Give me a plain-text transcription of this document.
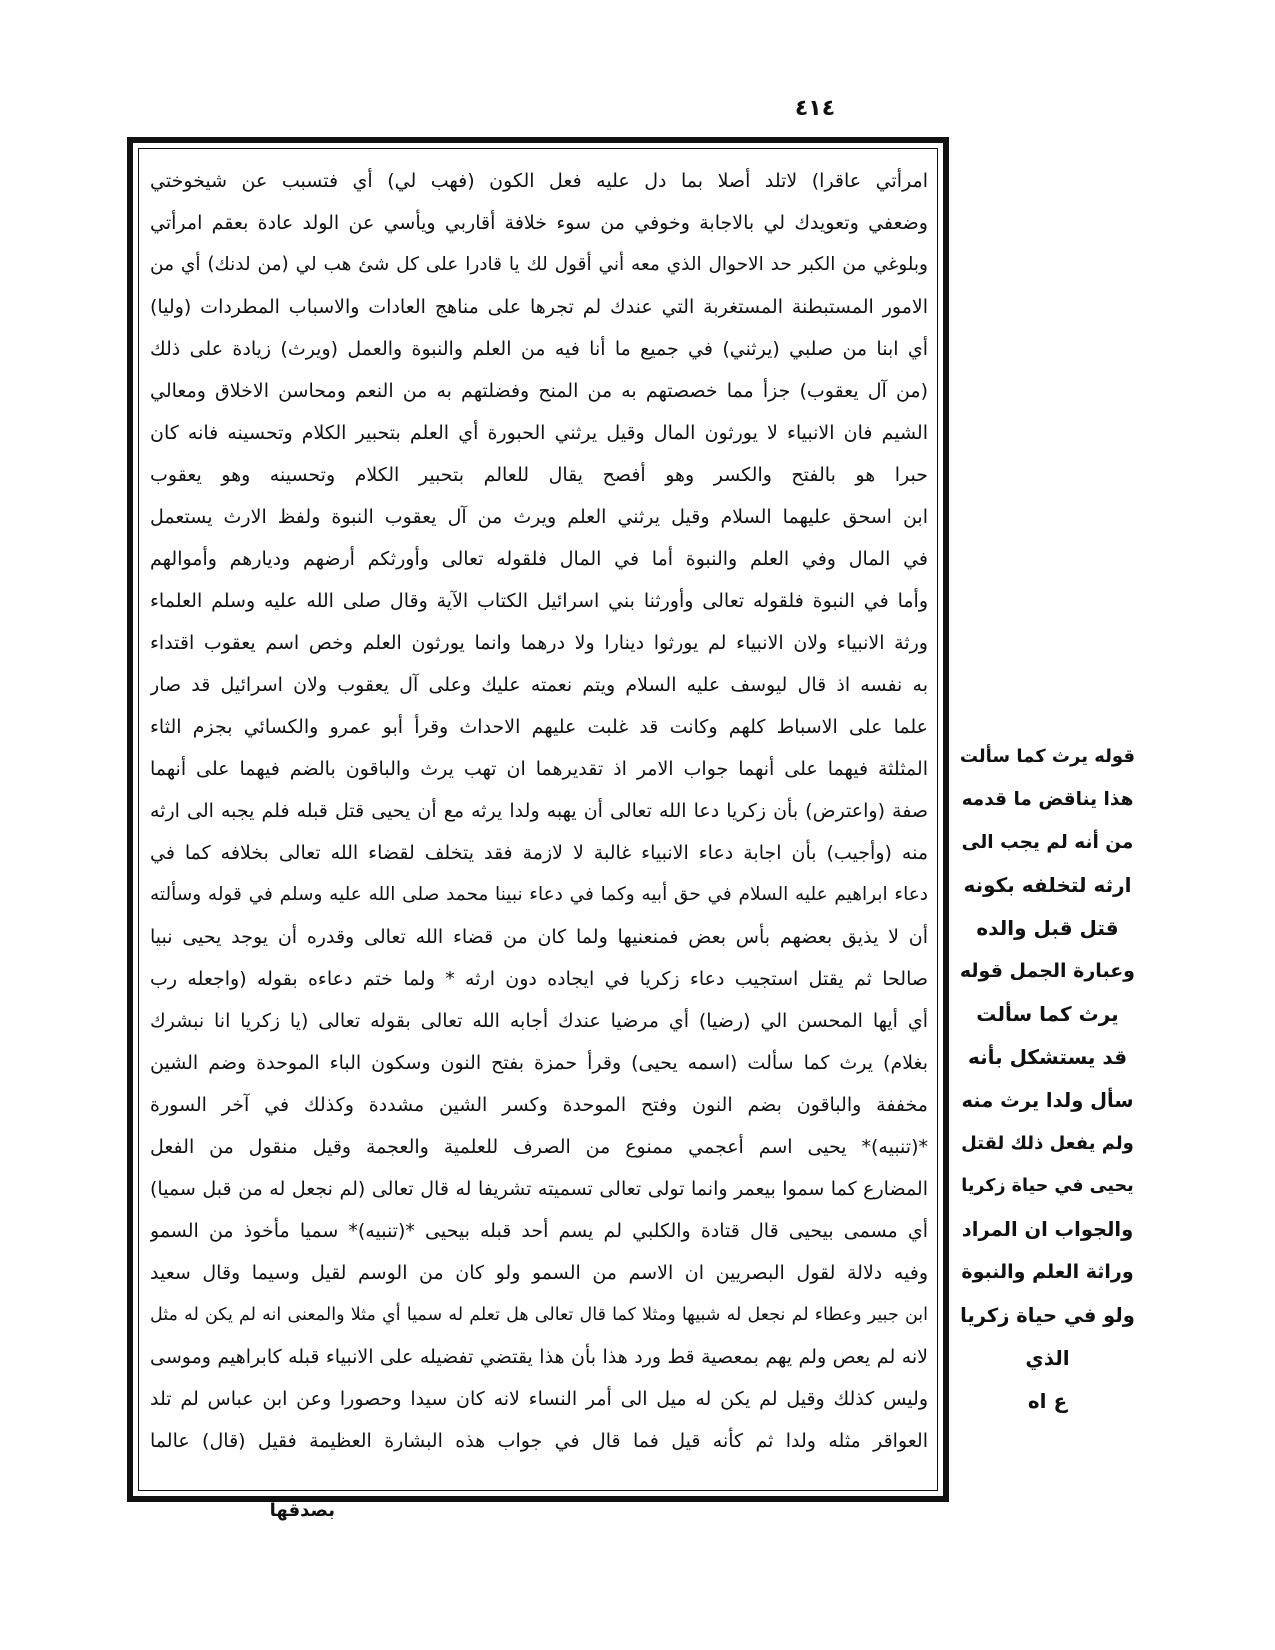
٤١٤
امرأتي عاقرا) لاتلد أصلا بما دل عليه فعل الكون (فهب لي) أي فتسبب عن شيخوختي
وضعفي وتعويدك لي بالاجابة وخوفي من سوء خلافة أقاربي ويأسي عن الولد عادة بعقم امرأتي
وبلوغي من الكبر حد الاحوال الذي معه أني أقول لك يا قادرا على كل شئ هب لي (من لدنك) أي من
الامور المستبطنة المستغربة التي عندك لم تجرها على مناهج العادات والاسباب المطردات (وليا)
أي ابنا من صلبي (يرثني) في جميع ما أنا فيه من العلم والنبوة والعمل (ويرث) زيادة على ذلك
(من آل يعقوب) جزأ مما خصصتهم به من المنح وفضلتهم به من النعم ومحاسن الاخلاق ومعالي
الشيم فان الانبياء لا يورثون المال وقيل يرثني الحبورة أي العلم بتحبير الكلام وتحسينه فانه كان
حبرا هو بالفتح والكسر وهو أفصح يقال للعالم بتحبير الكلام وتحسينه وهو يعقوب
ابن اسحق عليهما السلام وقيل يرثني العلم ويرث من آل يعقوب النبوة ولفظ الارث يستعمل
في المال وفي العلم والنبوة أما في المال فلقوله تعالى وأورثكم أرضهم وديارهم وأموالهم
وأما في النبوة فلقوله تعالى وأورثنا بني اسرائيل الكتاب الآية وقال صلى الله عليه وسلم العلماء
ورثة الانبياء ولان الانبياء لم يورثوا دينارا ولا درهما وانما يورثون العلم وخص اسم يعقوب اقتداء
به نفسه اذ قال ليوسف عليه السلام ويتم نعمته عليك وعلى آل يعقوب ولان اسرائيل قد صار
علما على الاسباط كلهم وكانت قد غلبت عليهم الاحداث وقرأ أبو عمرو والكسائي بجزم الثاء
المثلثة فيهما على أنهما جواب الامر اذ تقديرهما ان تهب يرث والباقون بالضم فيهما على أنهما
صفة (واعترض) بأن زكريا دعا الله تعالى أن يهبه ولدا يرثه مع أن يحيى قتل قبله فلم يجبه الى ارثه
منه (وأجيب) بأن اجابة دعاء الانبياء غالبة لا لازمة فقد يتخلف لقضاء الله تعالى بخلافه كما في
دعاء ابراهيم عليه السلام في حق أبيه وكما في دعاء نبينا محمد صلى الله عليه وسلم في قوله وسألته
أن لا يذيق بعضهم بأس بعض فمنعنيها ولما كان من قضاء الله تعالى وقدره أن يوجد يحيى نبيا
صالحا ثم يقتل استجيب دعاء زكريا في ايجاده دون ارثه * ولما ختم دعاءه بقوله (واجعله رب
أي أيها المحسن الي (رضيا) أي مرضيا عندك أجابه الله تعالى بقوله تعالى (يا زكريا انا نبشرك
بغلام) يرث كما سألت (اسمه يحيى) وقرأ حمزة بفتح النون وسكون الباء الموحدة وضم الشين
مخففة والباقون بضم النون وفتح الموحدة وكسر الشين مشددة وكذلك في آخر السورة
*(تنبيه)* يحيى اسم أعجمي ممنوع من الصرف للعلمية والعجمة وقيل منقول من الفعل
المضارع كما سموا بيعمر وانما تولى تعالى تسميته تشريفا له قال تعالى (لم نجعل له من قبل سميا)
أي مسمى بيحيى قال قتادة والكلبي لم يسم أحد قبله بيحيى *(تنبيه)* سميا مأخوذ من السمو
وفيه دلالة لقول البصريين ان الاسم من السمو ولو كان من الوسم لقيل وسيما وقال سعيد
ابن جبير وعطاء لم نجعل له شبيها ومثلا كما قال تعالى هل تعلم له سميا أي مثلا والمعنى انه لم يكن له مثل
لانه لم يعص ولم يهم بمعصية قط ورد هذا بأن هذا يقتضي تفضيله على الانبياء قبله كابراهيم وموسى
وليس كذلك وقيل لم يكن له ميل الى أمر النساء لانه كان سيدا وحصورا وعن ابن عباس لم تلد
العواقر مثله ولدا ثم كأنه قيل فما قال في جواب هذه البشارة العظيمة فقيل (قال) عالما
قوله يرث كما سألت
هذا يناقض ما قدمه
من أنه لم يجب الى
ارثه لتخلفه بكونه
قتل قبل والده
وعبارة الجمل قوله
يرث كما سألت
قد يستشكل بأنه
سأل ولدا يرث منه
ولم يفعل ذلك لقتل
يحيى في حياة زكريا
والجواب ان المراد
وراثة العلم والنبوة
ولو في حياة زكريا
الذي
ع اه
بصدقها
